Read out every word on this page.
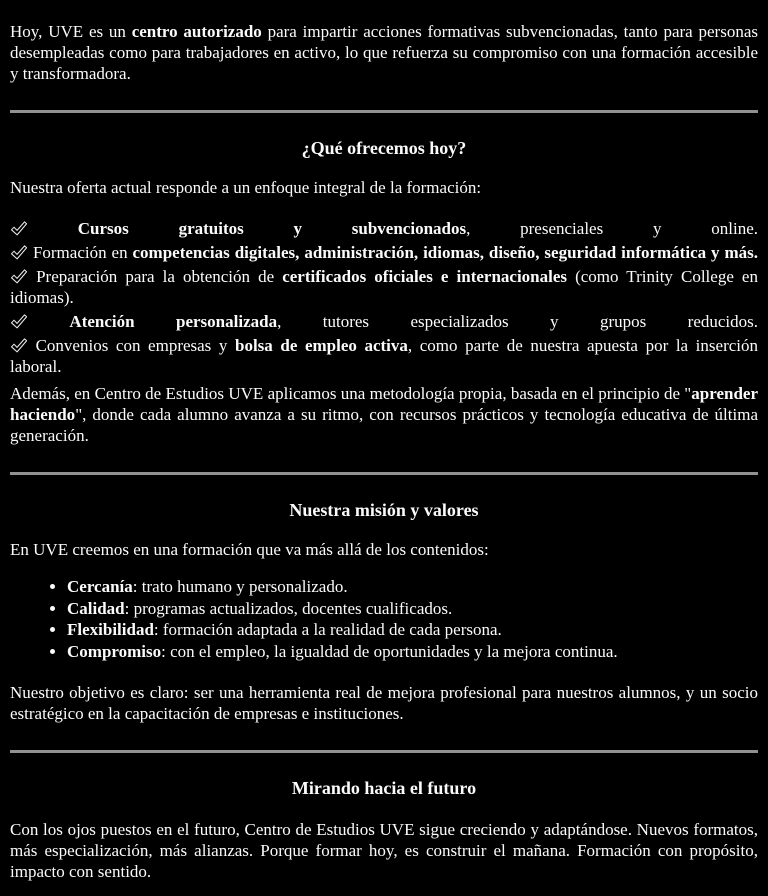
Hoy, UVE es un centro autorizado para impartir acciones formativas subvencionadas, tanto para personas desempleadas como para trabajadores en activo, lo que refuerza su compromiso con una formación accesible y transformadora.

¿Qué ofrecemos hoy?

Nuestra oferta actual responde a un enfoque integral de la formación:

Cursos gratuitos y subvencionados, presenciales y online.
Formación en competencias digitales, administración, idiomas, diseño, seguridad informática y más.
Preparación para la obtención de certificados oficiales e internacionales (como Trinity College en idiomas).
Atención personalizada, tutores especializados y grupos reducidos.
Convenios con empresas y bolsa de empleo activa, como parte de nuestra apuesta por la inserción laboral.

Además, en Centro de Estudios UVE aplicamos una metodología propia, basada en el principio de "aprender haciendo", donde cada alumno avanza a su ritmo, con recursos prácticos y tecnología educativa de última generación.

Nuestra misión y valores

En UVE creemos en una formación que va más allá de los contenidos:

• Cercanía: trato humano y personalizado.
• Calidad: programas actualizados, docentes cualificados.
• Flexibilidad: formación adaptada a la realidad de cada persona.
• Compromiso: con el empleo, la igualdad de oportunidades y la mejora continua.

Nuestro objetivo es claro: ser una herramienta real de mejora profesional para nuestros alumnos, y un socio estratégico en la capacitación de empresas e instituciones.

Mirando hacia el futuro

Con los ojos puestos en el futuro, Centro de Estudios UVE sigue creciendo y adaptándose. Nuevos formatos, más especialización, más alianzas. Porque formar hoy, es construir el mañana. Formación con propósito, impacto con sentido.
